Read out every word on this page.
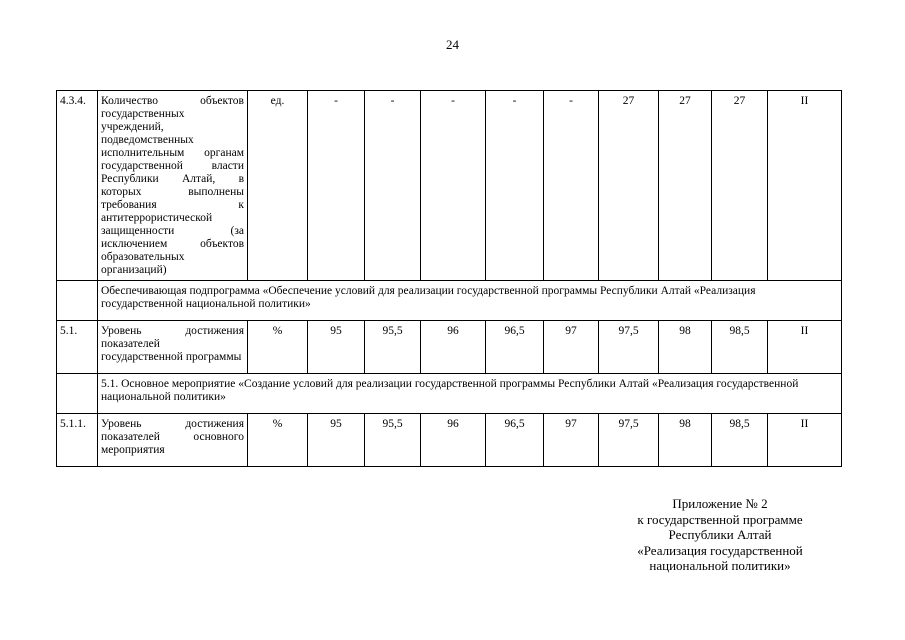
24
4.3.4.	Количество объектов государственных учреждений, подведомственных исполнительным органам государственной власти Республики Алтай, в которых выполнены требования к антитеррористической защищенности (за исключением объектов образовательных организаций)	ед.	-	-	-	-	-	27	27	27	II
	Обеспечивающая подпрограмма «Обеспечение условий для реализации государственной программы Республики Алтай «Реализация государственной национальной политики»										
5.1.	Уровень достижения показателей государственной программы	%	95	95,5	96	96,5	97	97,5	98	98,5	II
	5.1. Основное мероприятие «Создание условий для реализации государственной программы Республики Алтай «Реализация государственной национальной политики»										
5.1.1.	Уровень достижения показателей основного мероприятия	%	95	95,5	96	96,5	97	97,5	98	98,5	II
Приложение № 2
к государственной программе
Республики Алтай
«Реализация государственной
национальной политики»
